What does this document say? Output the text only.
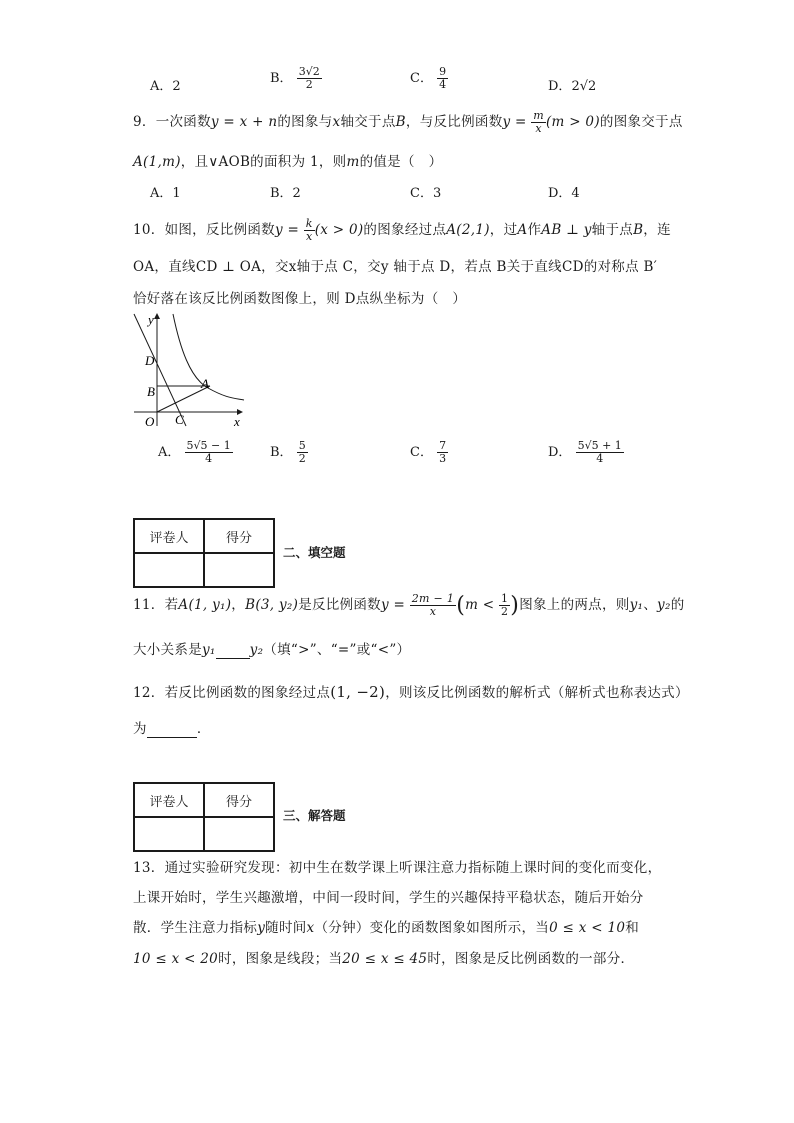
A．2
B． $\frac{3√2}{2}$	C． $\frac{9}{4}$	D．2√2
9．一次函数y = x + n的图象与x轴交于点B，与反比例函数$y = \frac{m}{x} (m > 0)$的图象交于点
A(1,m)，且∨AOB的面积为 1，则m的值是（　）
A．1	B．2	C．3	D．4
10．如图，反比例函数$y = \frac{k}{x} (x > 0)$的图象经过点A(2,1)，过A作AB ⊥ y轴于点B，连
OA，直线CD ⊥ OA，交x轴于点 C，交y 轴于点 D，若点 B关于直线CD的对称点 B′
恰好落在该反比例函数图像上，则 D点纵坐标为（　）
y
D
B
A
O C	x
A． $\frac{5√5 - 1}{4}$	B． $\frac{5}{2}$	C． $\frac{7}{3}$	D． $\frac{5√5 + 1}{4}$
评卷人	得分

二、填空题
11．若A(1, y₁)，B(3, y₂)是反比例函数$y = \frac{2m - 1}{x} (m < \frac{1}{2}$ )图象上的两点，则y₁、y₂的
大小关系是y₁	y₂（填“>”、“=”或“<”）
12．若反比例函数的图象经过点(1, −2)，则该反比例函数的解析式（解析式也称表达式）
为	．
评卷人	得分

三、解答题
13．通过实验研究发现：初中生在数学课上听课注意力指标随上课时间的变化而变化，
上课开始时，学生兴趣激增，中间一段时间，学生的兴趣保持平稳状态，随后开始分
散．学生注意力指标y随时间x（分钟）变化的函数图象如图所示，当0 ≤ x < 10和
10 ≤ x < 20时，图象是线段；当20 ≤ x ≤ 45时，图象是反比例函数的一部分．
